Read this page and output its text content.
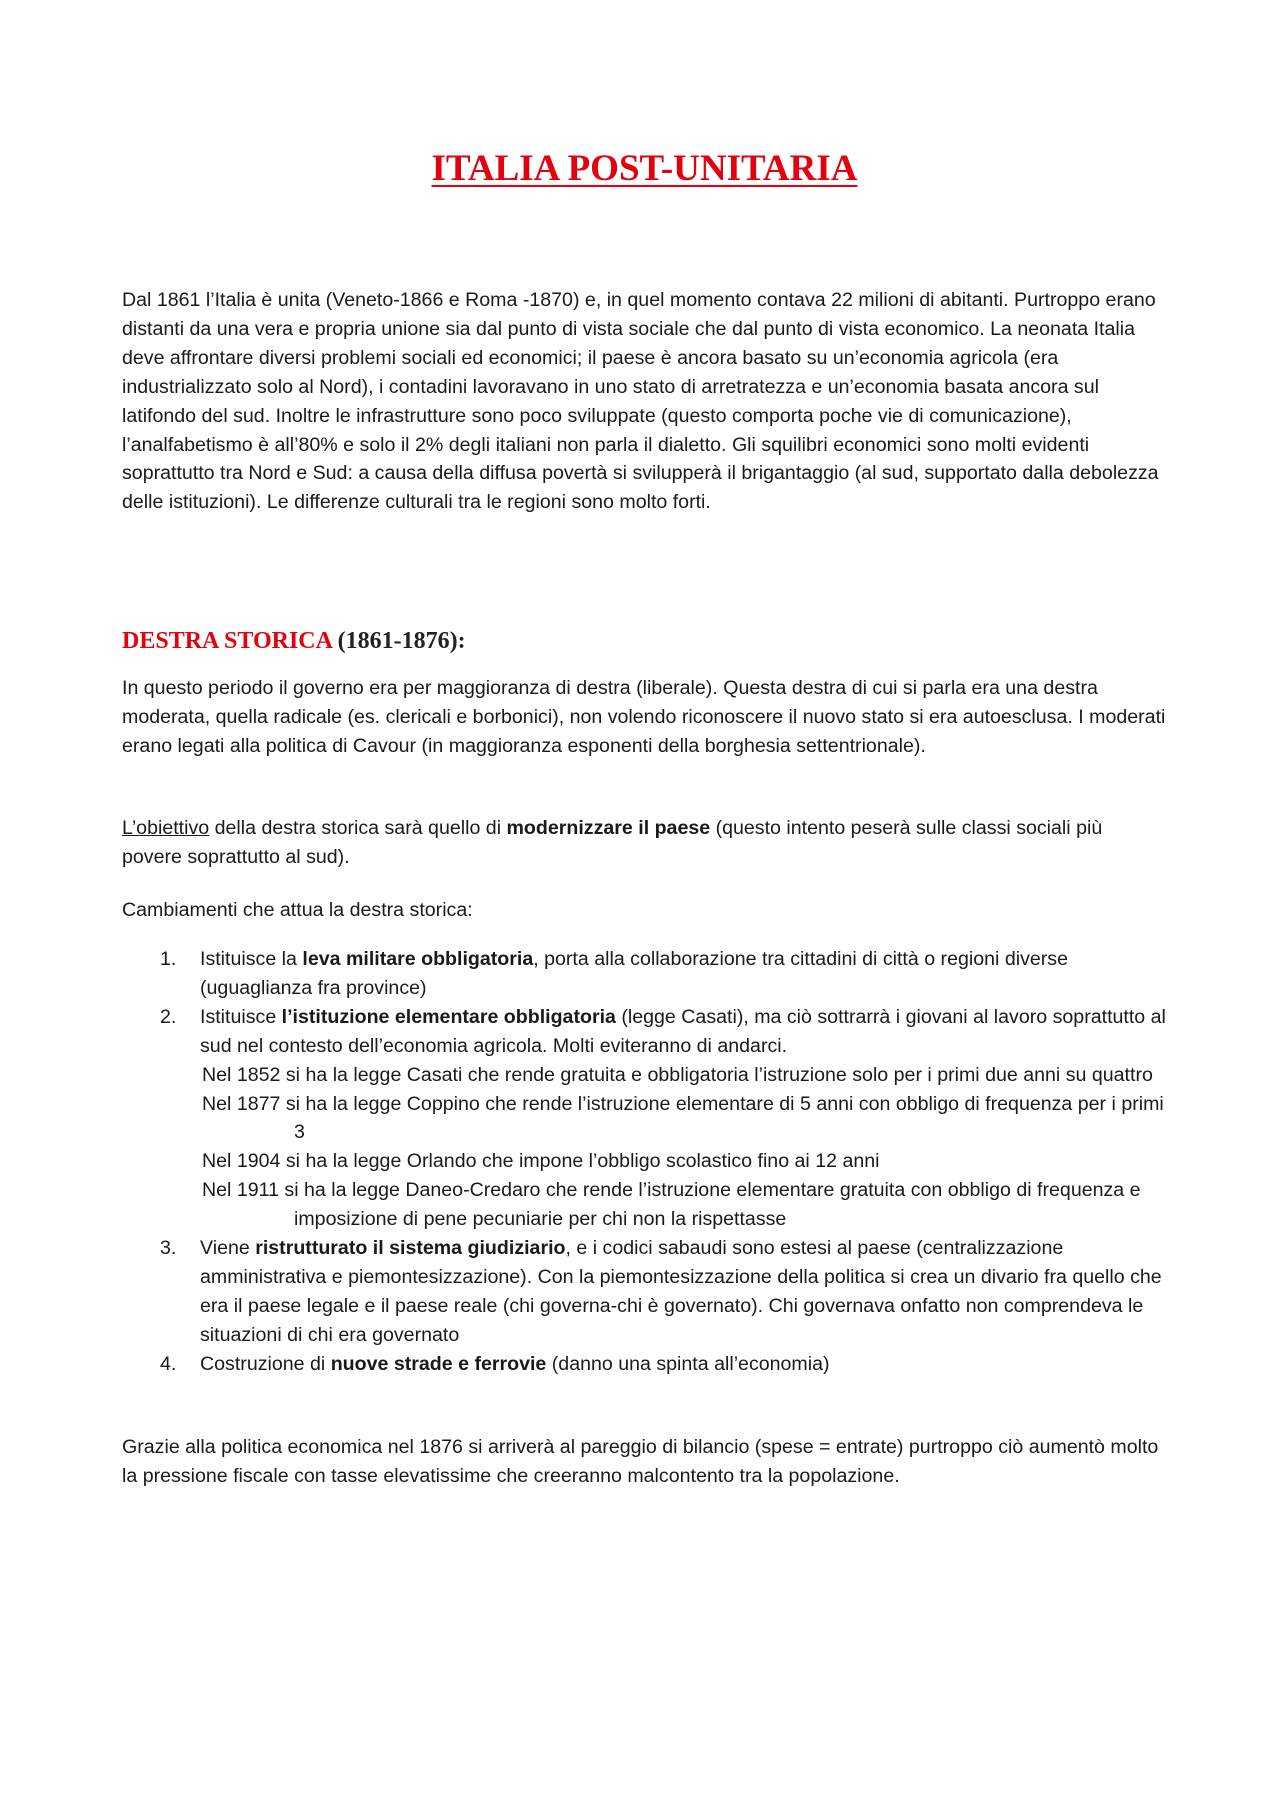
ITALIA POST-UNITARIA

Dal 1861 l’Italia è unita (Veneto-1866 e Roma -1870) e, in quel momento contava 22 milioni di abitanti. Purtroppo erano distanti da una vera e propria unione sia dal punto di vista sociale che dal punto di vista economico. La neonata Italia deve affrontare diversi problemi sociali ed economici; il paese è ancora basato su un’economia agricola (era industrializzato solo al Nord), i contadini lavoravano in uno stato di arretratezza e un’economia basata ancora sul latifondo del sud. Inoltre le infrastrutture sono poco sviluppate (questo comporta poche vie di comunicazione), l’analfabetismo è all’80% e solo il 2% degli italiani non parla il dialetto. Gli squilibri economici sono molti evidenti soprattutto tra Nord e Sud: a causa della diffusa povertà si svilupperà il brigantaggio (al sud, supportato dalla debolezza delle istituzioni). Le differenze culturali tra le regioni sono molto forti.

DESTRA STORICA (1861-1876):

In questo periodo il governo era per maggioranza di destra (liberale). Questa destra di cui si parla era una destra moderata, quella radicale (es. clericali e borbonici), non volendo riconoscere il nuovo stato si era autoesclusa. I moderati erano legati alla politica di Cavour (in maggioranza esponenti della borghesia settentrionale).

L’obiettivo della destra storica sarà quello di modernizzare il paese (questo intento peserà sulle classi sociali più povere soprattutto al sud).

Cambiamenti che attua la destra storica:

1. Istituisce la leva militare obbligatoria, porta alla collaborazione tra cittadini di città o regioni diverse (uguaglianza fra province)
2. Istituisce l’istituzione elementare obbligatoria (legge Casati), ma ciò sottrarrà i giovani al lavoro soprattutto al sud nel contesto dell’economia agricola. Molti eviteranno di andarci.
Nel 1852 si ha la legge Casati che rende gratuita e obbligatoria l’istruzione solo per i primi due anni su quattro
Nel 1877 si ha la legge Coppino che rende l’istruzione elementare di 5 anni con obbligo di frequenza per i primi 3
Nel 1904 si ha la legge Orlando che impone l’obbligo scolastico fino ai 12 anni
Nel 1911 si ha la legge Daneo-Credaro che rende l’istruzione elementare gratuita con obbligo di frequenza e imposizione di pene pecuniarie per chi non la rispettasse
3. Viene ristrutturato il sistema giudiziario, e i codici sabaudi sono estesi al paese (centralizzazione amministrativa e piemontesizzazione). Con la piemontesizzazione della politica si crea un divario fra quello che era il paese legale e il paese reale (chi governa-chi è governato). Chi governava onfatto non comprendeva le situazioni di chi era governato
4. Costruzione di nuove strade e ferrovie (danno una spinta all’economia)

Grazie alla politica economica nel 1876 si arriverà al pareggio di bilancio (spese = entrate) purtroppo ciò aumentò molto la pressione fiscale con tasse elevatissime che creeranno malcontento tra la popolazione.
